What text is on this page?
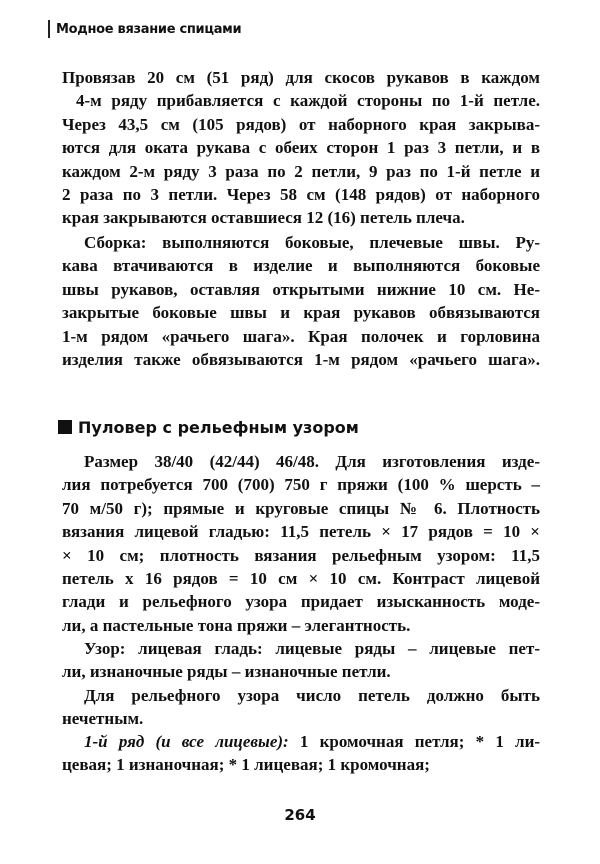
Модное вязание спицами
Провязав 20 см (51 ряд) для скосов рукавов в каждом
4-м ряду прибавляется с каждой стороны по 1-й петле.
Через 43,5 см (105 рядов) от наборного края закрыва-
ются для оката рукава с обеих сторон 1 раз 3 петли, и в
каждом 2-м ряду 3 раза по 2 петли, 9 раз по 1-й петле и
2 раза по 3 петли. Через 58 см (148 рядов) от наборного
края закрываются оставшиеся 12 (16) петель плеча.
Сборка: выполняются боковые, плечевые швы. Ру-
кава втачиваются в изделие и выполняются боковые
швы рукавов, оставляя открытыми нижние 10 см. Не-
закрытые боковые швы и края рукавов обвязываются
1-м рядом «рачьего шага». Края полочек и горловина
изделия также обвязываются 1-м рядом «рачьего шага».
Пуловер с рельефным узором
Размер 38/40 (42/44) 46/48. Для изготовления изде-
лия потребуется 700 (700) 750 г пряжи (100 % шерсть –
70 м/50 г); прямые и круговые спицы № 6. Плотность
вязания лицевой гладью: 11,5 петель × 17 рядов = 10 ×
× 10 см; плотность вязания рельефным узором: 11,5
петель х 16 рядов = 10 см × 10 см. Контраст лицевой
глади и рельефного узора придает изысканность моде-
ли, а пастельные тона пряжи – элегантность.
Узор: лицевая гладь: лицевые ряды – лицевые пет-
ли, изнаночные ряды – изнаночные петли.
Для рельефного узора число петель должно быть
нечетным.
1-й ряд (и все лицевые): 1 кромочная петля; * 1 ли-
цевая; 1 изнаночная; * 1 лицевая; 1 кромочная;
264
